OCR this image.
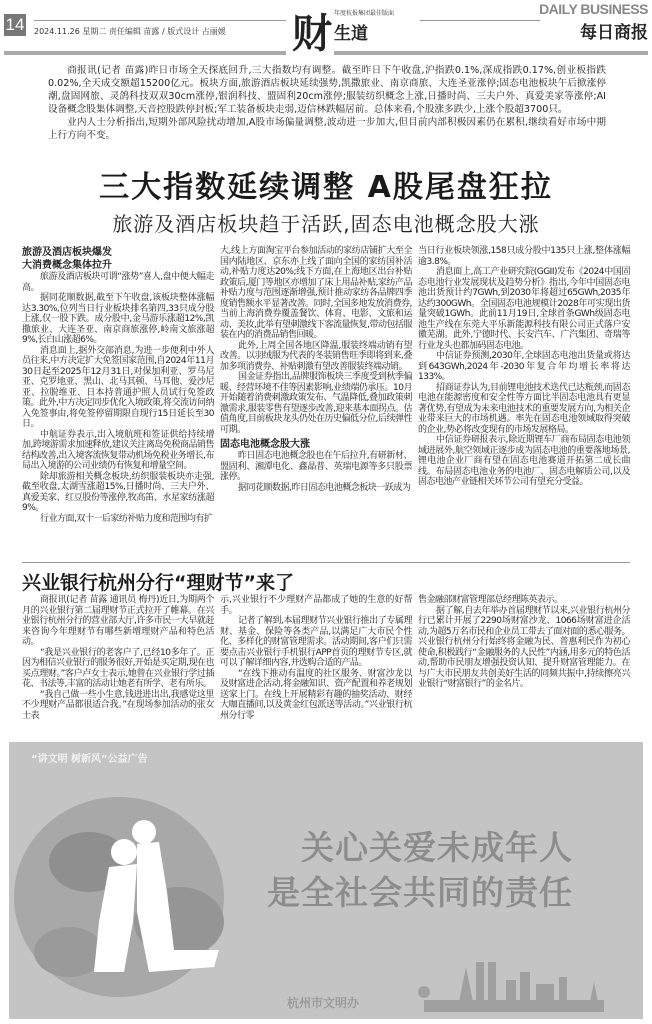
14 2024.11.26 星期二 责任编辑 苗露 / 版式设计 占丽媛 财 年度杭报集团最佳版面
生道
DAILY BUSINESS
每日商报

商报讯(记者 苗露)昨日市场全天探底回升,三大指数均有调整。截至昨日下午收盘,沪指跌0.1%,深成指跌0.17%,创业板指跌0.02%,全天成交额超15200亿元。板块方面,旅游酒店板块延续强势,凯撒旅业、南京商旅、大连圣亚涨停;固态电池板块午后掀涨停潮,盘固网旅、灵鸽科技双双30cm涨停,银润科技、盟固利20cm涨停;服装纺织概念上涨,日播时尚、三夫户外、真爱美家等涨停;AI设备概念股集体调整,天音控股跌停封板;军工装备板块走弱,迈信林跌幅居前。总体来看,个股涨多跌少,上涨个股超3700只。

业内人士分析指出,短期外部风险扰动增加,A股市场偏量调整,波动进一步加大,但目前内部积极因素仍在累积,继续看好市场中期上行方向不变。

三大指数延续调整 A股尾盘狂拉
旅游及酒店板块趋于活跃,固态电池概念股大涨
旅游及酒店板块爆发
大消费概念集体拉升

旅游及酒店板块可谓“涨势”喜人,盘中便大幅走高。

据同花顺数据,截至下午收盘,该板块整体涨幅达3.30%,位列当日行业板块排名第四,33只成分股上涨,仅一股下跌。成分股中,金马游乐涨超12%,凯撒旅业、大连圣亚、南京商旅涨停,岭南文旅涨超9%,长白山涨超6%。

消息面上,据外交部消息,为进一步便利中外人员往来,中方决定扩大免签国家范围,自2024年11月30日起至2025年12月31日,对保加利亚、罗马尼亚、克罗地亚、黑山、北马其顿、马耳他、爱沙尼亚、拉脱维亚、日本持普通护照人员试行免签政策。此外,中方决定同步优化入境政策,将交流访问纳入免签事由,将免签停留期限自现行15日延长至30日。

中航证券表示,出入境航班和签证供给持续增加,跨境游需求加速释放,建议关注离岛免税商品销售结构改善,出入境客流恢复带动机场免税业务增长,布局出入境游的公司业绩仍有恢复和增量空间。

除却旅游相关概念板块,纺织服装板块亦走强,截至收盘,太湖雪涨超15%,日播时尚、三夫户外、真爱美家、红豆股份等涨停,牧高笛、水星家纺涨超9%。

行业方面,双十一后家纺补贴力度和范围均有扩

大,线上方面淘宝平台参加活动的家纺店铺扩大至全国内陆地区、京东亦上线了面向全国的家纺国补活动,补贴力度达20%;线下方面,在上海地区出台补贴政策后,厦门等地区亦增加了床上用品补贴,家纺产品补贴力度与范围逐渐增强,预计推动家纺各品牌四季度销售额水平显著改善。同时,全国多地发放消费券,当前上海消费券覆盖餐饮、体育、电影、文旅和运动、美妆,此举有望刺激线下客流量恢复,带动包括服装在内的消费品销售回暖。

此外,上周全国各地区降温,服装终端动销有望改善。以羽绒服为代表的冬装销售旺季即将到来,叠加多项消费券、补贴刺激有望改善服装终端动销。

国金证券指出,品牌服饰板块三季度受到秋季偏暖、经营环境不佳等因素影响,业绩端仍承压。10月开始随着消费刺激政策发布、气温降低,叠加政策刺激需求,服装零售有望逐步改善,迎来基本面拐点。估值角度,目前板块龙头仍处在历史偏低分位,后续弹性可期。

固态电池概念股大涨

昨日固态电池概念股也在午后拉升,有研新材、盟固利、湘潭电化、鑫晶普、英瑞电源等多只股票涨停。

据同花顺数据,昨日固态电池概念板块一跃成为

当日行业板块领涨,158只成分股中135只上涨,整体涨幅逾3.8%。

消息面上,高工产业研究院(GGII)发布《2024中国固态电池行业发展现状及趋势分析》指出,今年中国固态电池出货预计约7GWh,到2030年将超过65GWh,2035年达约300GWh。全国固态电池规模计2028年可实现出货量突破1GWh。此前11月19日,全球首条GWh级固态电池生产线在东莞大平乐新能源科技有限公司正式落户安徽芜湖。此外,宁德时代、长安汽车、广汽集团、奇瑞等行业龙头也都加码固态电池。

中信证券预测,2030年,全球固态电池出货量或将达到643GWh,2024年-2030年复合年均增长率将达133%。

招商证券认为,目前锂电池技术迭代已达瓶颈,而固态电池在能源密度和安全性等方面比半固态电池具有更显著优势,有望成为未来电池技术的重要发展方向,为相关企业带来巨大的市场机遇。率先在固态电池领域取得突破的企业,势必将改变现有的市场发展格局。

中信证券研报表示,除近期锂车厂商布局固态电池领域进展外,航空领域正逐步成为固态电池的重要落地场景,锂电池企业厂商有望在固态电池赛道开拓第二成长曲线。布局固态电池业务的电池厂、固态电解质公司,以及固态电池产业链相关环节公司有望充分受益。

兴业银行杭州分行“理财节”来了

商报讯(记者 苗露 通讯员 梅丹)近日,为期两个月的兴业银行第二届理财节正式拉开了帷幕。在兴业银行杭州分行的营业部大厅,许多市民一大早就赶来咨询今年理财节有哪些新增理财产品和特色活动。

“我是兴业银行的老客户了,已经10多年了。正因为相信兴业银行的服务很好,开始是买定期,现在也买点理财。”客户卢女士表示,她曾在兴业银行学过插花、书法等,丰富的活动让她老有所学、老有所乐。

“我自己做一些小生意,钱进进出出,我感觉这里不少理财产品都很适合我。”在现场参加活动的张女士表

示,兴业银行不少理财产品都成了她的生意的好帮手。

记者了解到,本届理财节兴业银行推出了专属理财、基金、保险等各类产品,以满足广大市民个性化、多样化的财富管理需求。活动期间,客户们只需要点击兴业银行手机银行APP首页的理财节专区,就可以了解详细内容,并选购合适的产品。

“在线下推动有温度的社区服务、财富沙龙以及财富进企活动,将金融知识、资产配置和养老规划送家上门。在线上开展精彩有趣的抽奖活动、财经大咖直播间,以及黄金红包派送等活动。”兴业银行杭州分行零

售金融部财富管理部总经理陈英表示。

据了解,自去年举办首届理财节以来,兴业银行杭州分行已累计开展了2290场财富沙龙、1066场财富进企活动,为超5万名市民和企业员工带去了面对面的悉心服务。兴业银行杭州分行始终将金融为民、普惠利民作为初心使命,积极践行“金融服务的人民性”内涵,用多元的特色活动,帮助市民朋友增强投资认知、提升财富管理能力。在与广大市民朋友共创美好生活的同频共振中,持续擦亮兴业银行“财富银行”的金名片。

“讲文明 树新风”公益广告
关心关爱未成年人
是全社会共同的责任
杭州市文明办
